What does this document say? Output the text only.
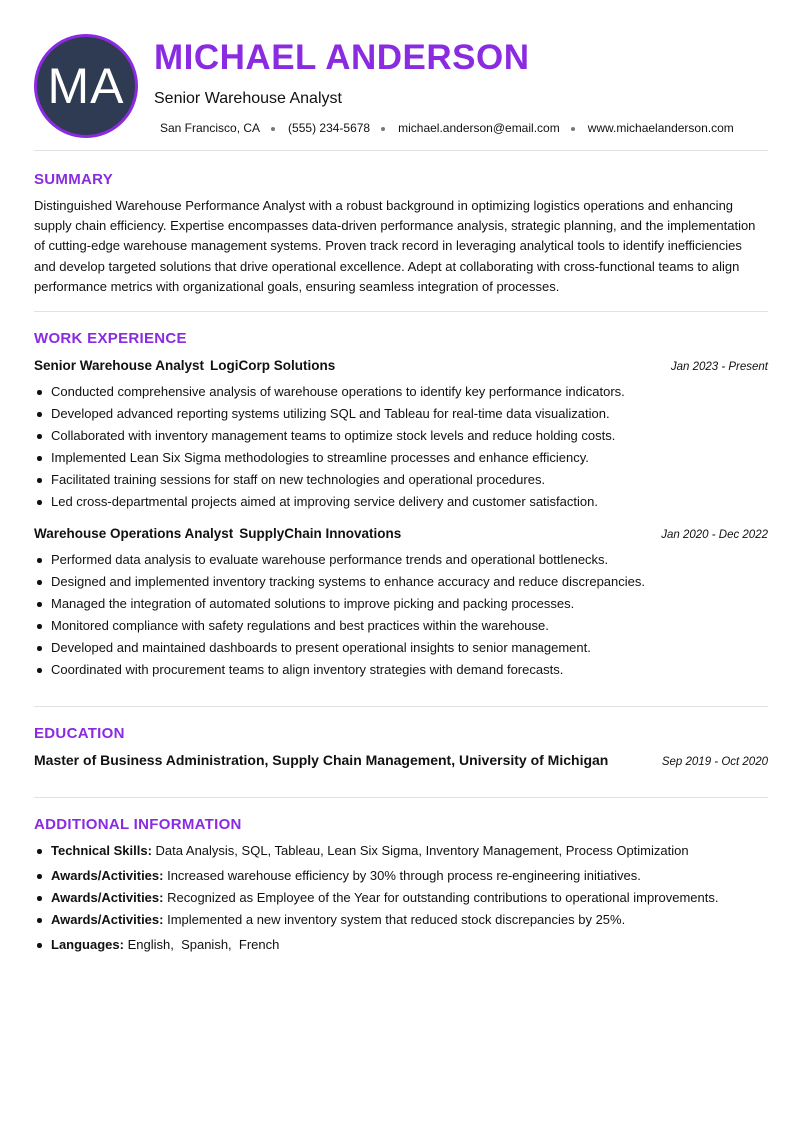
MA
MICHAEL ANDERSON
Senior Warehouse Analyst
San Francisco, CA (555) 234-5678 michael.anderson@email.com www.michaelanderson.com
SUMMARY

Distinguished Warehouse Performance Analyst with a robust background in optimizing logistics operations and enhancing supply chain efficiency. Expertise encompasses data-driven performance analysis, strategic planning, and the implementation of cutting-edge warehouse management systems. Proven track record in leveraging analytical tools to identify inefficiencies and develop targeted solutions that drive operational excellence. Adept at collaborating with cross-functional teams to align performance metrics with organizational goals, ensuring seamless integration of processes.

WORK EXPERIENCE
Senior Warehouse Analyst LogiCorp Solutions	Jan 2023 - Present
Conducted comprehensive analysis of warehouse operations to identify key performance indicators.
Developed advanced reporting systems utilizing SQL and Tableau for real-time data visualization.
Collaborated with inventory management teams to optimize stock levels and reduce holding costs.
Implemented Lean Six Sigma methodologies to streamline processes and enhance efficiency.
Facilitated training sessions for staff on new technologies and operational procedures.
Led cross-departmental projects aimed at improving service delivery and customer satisfaction.
Warehouse Operations Analyst SupplyChain Innovations	Jan 2020 - Dec 2022
Performed data analysis to evaluate warehouse performance trends and operational bottlenecks.
Designed and implemented inventory tracking systems to enhance accuracy and reduce discrepancies.
Managed the integration of automated solutions to improve picking and packing processes.
Monitored compliance with safety regulations and best practices within the warehouse.
Developed and maintained dashboards to present operational insights to senior management.
Coordinated with procurement teams to align inventory strategies with demand forecasts.
EDUCATION
Master of Business Administration, Supply Chain Management, University of Michigan	Sep 2019 - Oct 2020
ADDITIONAL INFORMATION
Technical Skills: Data Analysis, SQL, Tableau, Lean Six Sigma, Inventory Management, Process Optimization
Awards/Activities: Increased warehouse efficiency by 30% through process re-engineering initiatives.
Awards/Activities: Recognized as Employee of the Year for outstanding contributions to operational improvements.
Awards/Activities: Implemented a new inventory system that reduced stock discrepancies by 25%.
Languages: English,  Spanish,  French
